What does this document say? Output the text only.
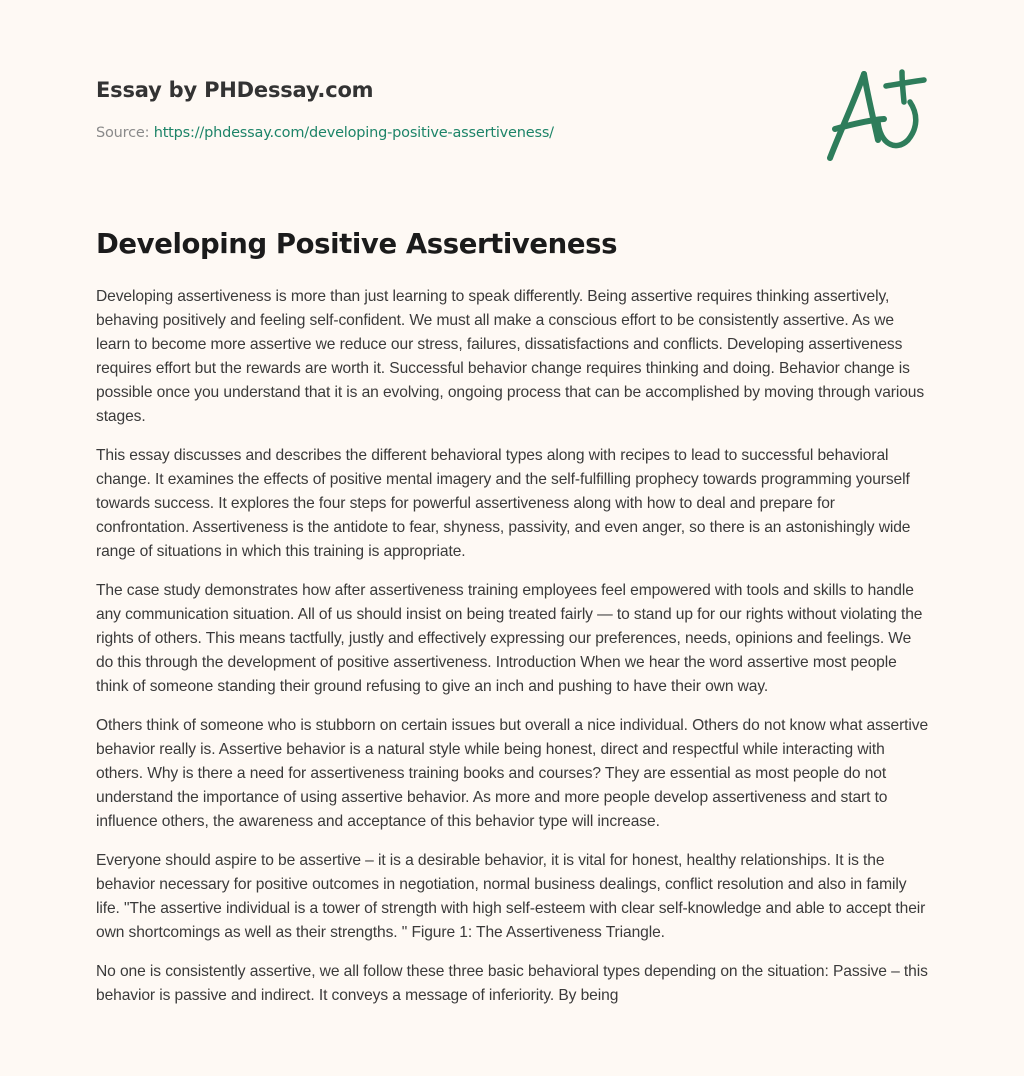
Essay by PHDessay.com
Source: https://phdessay.com/developing-positive-assertiveness/
Developing Positive Assertiveness

Developing assertiveness is more than just learning to speak differently. Being assertive requires thinking assertively, behaving positively and feeling self-confident. We must all make a conscious effort to be consistently assertive. As we learn to become more assertive we reduce our stress, failures, dissatisfactions and conflicts. Developing assertiveness requires effort but the rewards are worth it. Successful behavior change requires thinking and doing. Behavior change is possible once you understand that it is an evolving, ongoing process that can be accomplished by moving through various stages.

This essay discusses and describes the different behavioral types along with recipes to lead to successful behavioral change. It examines the effects of positive mental imagery and the self-fulfilling prophecy towards programming yourself towards success. It explores the four steps for powerful assertiveness along with how to deal and prepare for confrontation. Assertiveness is the antidote to fear, shyness, passivity, and even anger, so there is an astonishingly wide range of situations in which this training is appropriate.

The case study demonstrates how after assertiveness training employees feel empowered with tools and skills to handle any communication situation. All of us should insist on being treated fairly — to stand up for our rights without violating the rights of others. This means tactfully, justly and effectively expressing our preferences, needs, opinions and feelings. We do this through the development of positive assertiveness. Introduction When we hear the word assertive most people think of someone standing their ground refusing to give an inch and pushing to have their own way.

Others think of someone who is stubborn on certain issues but overall a nice individual. Others do not know what assertive behavior really is. Assertive behavior is a natural style while being honest, direct and respectful while interacting with others. Why is there a need for assertiveness training books and courses? They are essential as most people do not understand the importance of using assertive behavior. As more and more people develop assertiveness and start to influence others, the awareness and acceptance of this behavior type will increase.

Everyone should aspire to be assertive – it is a desirable behavior, it is vital for honest, healthy relationships. It is the behavior necessary for positive outcomes in negotiation, normal business dealings, conflict resolution and also in family life. "The assertive individual is a tower of strength with high self-esteem with clear self-knowledge and able to accept their own shortcomings as well as their strengths. " Figure 1: The Assertiveness Triangle.

No one is consistently assertive, we all follow these three basic behavioral types depending on the situation: Passive – this behavior is passive and indirect. It conveys a message of inferiority. By being
